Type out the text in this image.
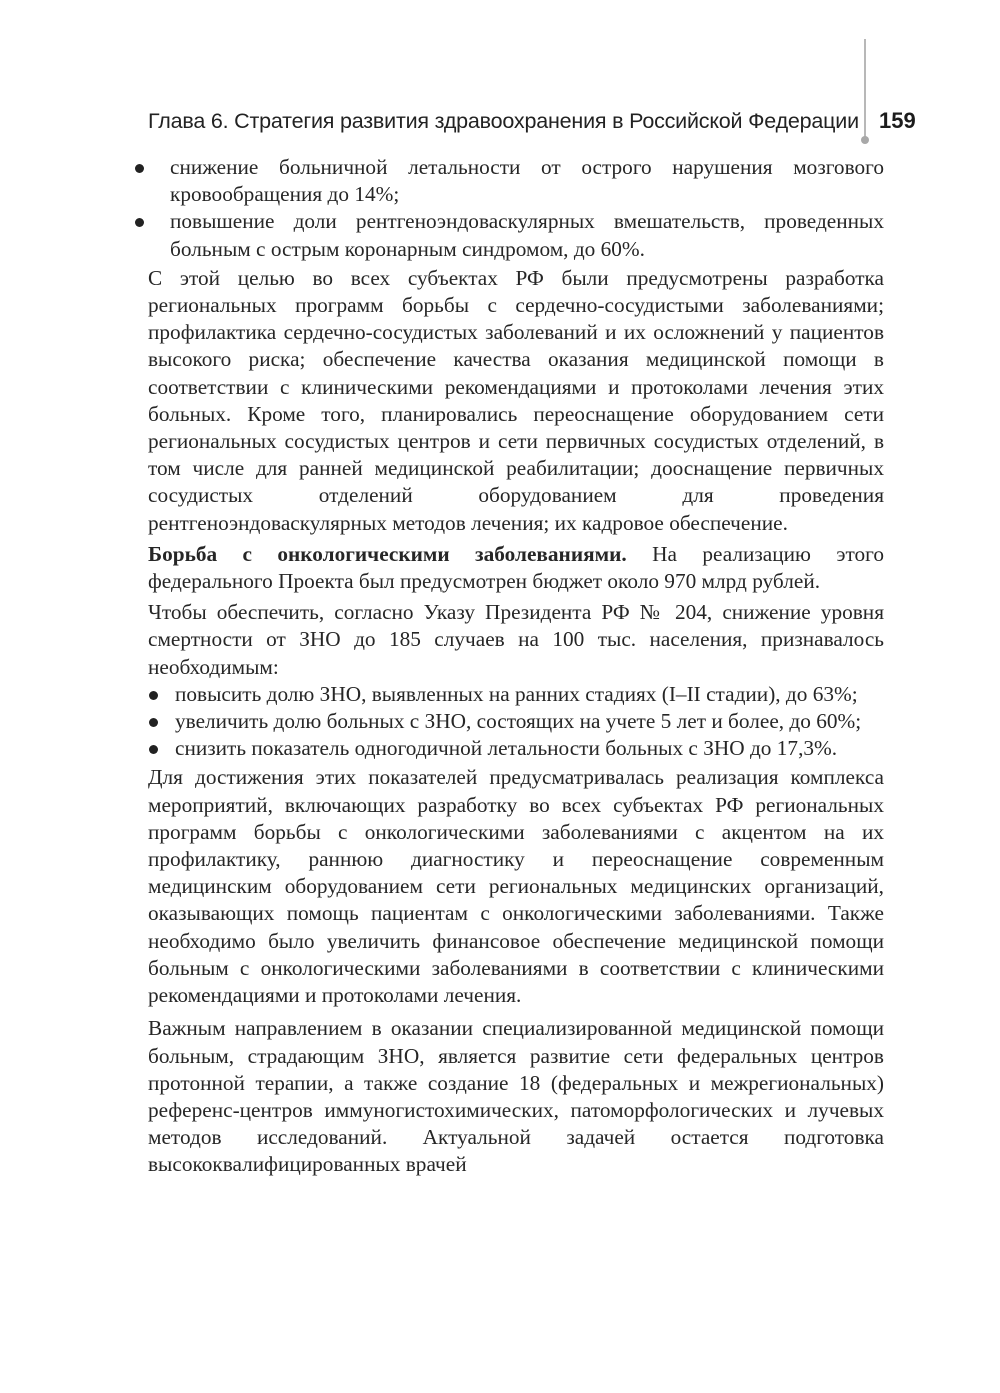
Глава 6. Стратегия развития здравоохранения в Российской Федерации 159
снижение больничной летальности от острого нарушения мозгового кровообращения до 14%;
повышение доли рентгеноэндоваскулярных вмешательств, проведенных больным с острым коронарным синдромом, до 60%.

С этой целью во всех субъектах РФ были предусмотрены разработка региональных программ борьбы с сердечно-сосудистыми заболеваниями; профилактика сердечно-сосудистых заболеваний и их осложнений у пациентов высокого риска; обеспечение качества оказания медицинской помощи в соответствии с клиническими рекомендациями и протоколами лечения этих больных. Кроме того, планировались переоснащение оборудованием сети региональных сосудистых центров и сети первичных сосудистых отделений, в том числе для ранней медицинской реабилитации; дооснащение первичных сосудистых отделений оборудованием для проведения рентгеноэндоваскулярных методов лечения; их кадровое обеспечение.

Борьба с онкологическими заболеваниями. На реализацию этого федерального Проекта был предусмотрен бюджет около 970 млрд рублей.

Чтобы обеспечить, согласно Указу Президента РФ № 204, снижение уровня смертности от ЗНО до 185 случаев на 100 тыс. населения, признавалось необходимым:

повысить долю ЗНО, выявленных на ранних стадиях (I–II стадии), до 63%;
увеличить долю больных с ЗНО, состоящих на учете 5 лет и более, до 60%;
снизить показатель одногодичной летальности больных с ЗНО до 17,3%.

Для достижения этих показателей предусматривалась реализация комплекса мероприятий, включающих разработку во всех субъектах РФ региональных программ борьбы с онкологическими заболеваниями с акцентом на их профилактику, раннюю диагностику и переоснащение современным медицинским оборудованием сети региональных медицинских организаций, оказывающих помощь пациентам с онкологическими заболеваниями. Также необходимо было увеличить финансовое обеспечение медицинской помощи больным с онкологическими заболеваниями в соответствии с клиническими рекомендациями и протоколами лечения.

Важным направлением в оказании специализированной медицинской помощи больным, страдающим ЗНО, является развитие сети федеральных центров протонной терапии, а также создание 18 (федеральных и межрегиональных) референс-центров иммуногистохимических, патоморфологических и лучевых методов исследований. Актуальной задачей остается подготовка высококвалифицированных врачей
